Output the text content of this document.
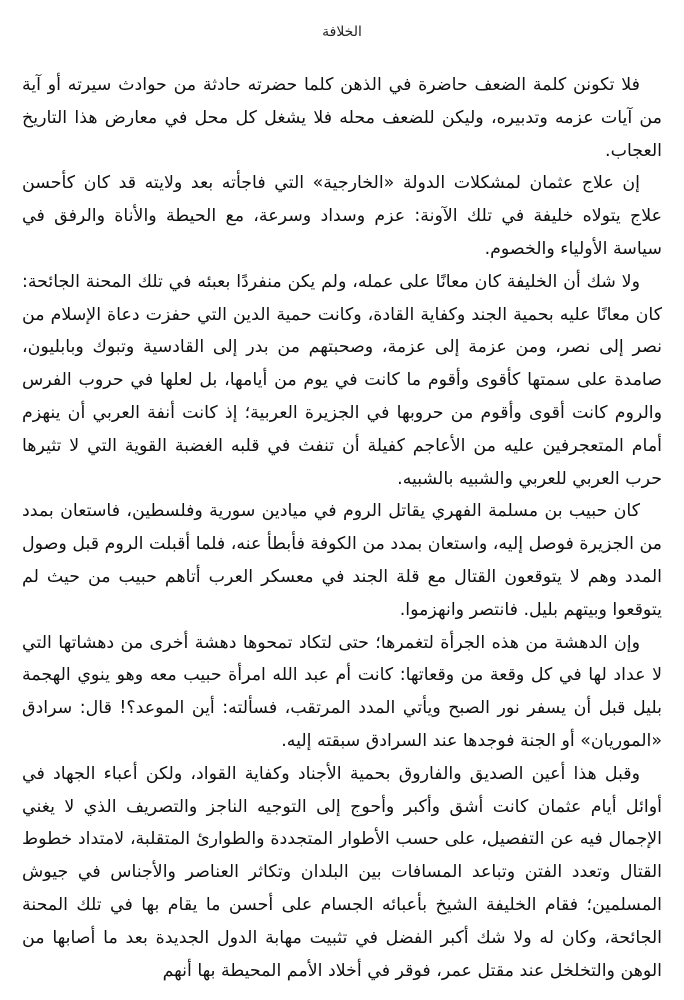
الخلافة

فلا تكونن كلمة الضعف حاضرة في الذهن كلما حضرته حادثة من حوادث سيرته أو آية من آيات عزمه وتدبيره، وليكن للضعف محله فلا يشغل كل محل في معارض هذا التاريخ العجاب.

إن علاج عثمان لمشكلات الدولة «الخارجية» التي فاجأته بعد ولايته قد كان كأحسن علاج يتولاه خليفة في تلك الآونة: عزم وسداد وسرعة، مع الحيطة والأناة والرفق في سياسة الأولياء والخصوم.

ولا شك أن الخليفة كان معانًا على عمله، ولم يكن منفردًا بعبئه في تلك المحنة الجائحة: كان معانًا عليه بحمية الجند وكفاية القادة، وكانت حمية الدين التي حفزت دعاة الإسلام من نصر إلى نصر، ومن عزمة إلى عزمة، وصحبتهم من بدر إلى القادسية وتبوك وبابليون، صامدة على سمتها كأقوى وأقوم ما كانت في يوم من أيامها، بل لعلها في حروب الفرس والروم كانت أقوى وأقوم من حروبها في الجزيرة العربية؛ إذ كانت أنفة العربي أن ينهزم أمام المتعجرفين عليه من الأعاجم كفيلة أن تنفث في قلبه الغضبة القوية التي لا تثيرها حرب العربي للعربي والشبيه بالشبيه.

كان حبيب بن مسلمة الفهري يقاتل الروم في ميادين سورية وفلسطين، فاستعان بمدد من الجزيرة فوصل إليه، واستعان بمدد من الكوفة فأبطأ عنه، فلما أقبلت الروم قبل وصول المدد وهم لا يتوقعون القتال مع قلة الجند في معسكر العرب أتاهم حبيب من حيث لم يتوقعوا وبيتهم بليل. فانتصر وانهزموا.

وإن الدهشة من هذه الجرأة لتغمرها؛ حتى لتكاد تمحوها دهشة أخرى من دهشاتها التي لا عداد لها في كل وقعة من وقعاتها: كانت أم عبد الله امرأة حبيب معه وهو ينوي الهجمة بليل قبل أن يسفر نور الصبح ويأتي المدد المرتقب، فسألته: أين الموعد؟! قال: سرادق «الموريان» أو الجنة فوجدها عند السرادق سبقته إليه.

وقبل هذا أعين الصديق والفاروق بحمية الأجناد وكفاية القواد، ولكن أعباء الجهاد في أوائل أيام عثمان كانت أشق وأكبر وأحوج إلى التوجيه الناجز والتصريف الذي لا يغني الإجمال فيه عن التفصيل، على حسب الأطوار المتجددة والطوارئ المتقلبة، لامتداد خطوط القتال وتعدد الفتن وتباعد المسافات بين البلدان وتكاثر العناصر والأجناس في جيوش المسلمين؛ فقام الخليفة الشيخ بأعبائه الجسام على أحسن ما يقام بها في تلك المحنة الجائحة، وكان له ولا شك أكبر الفضل في تثبيت مهابة الدول الجديدة بعد ما أصابها من الوهن والتخلخل عند مقتل عمر، فوقر في أخلاد الأمم المحيطة بها أنهم
